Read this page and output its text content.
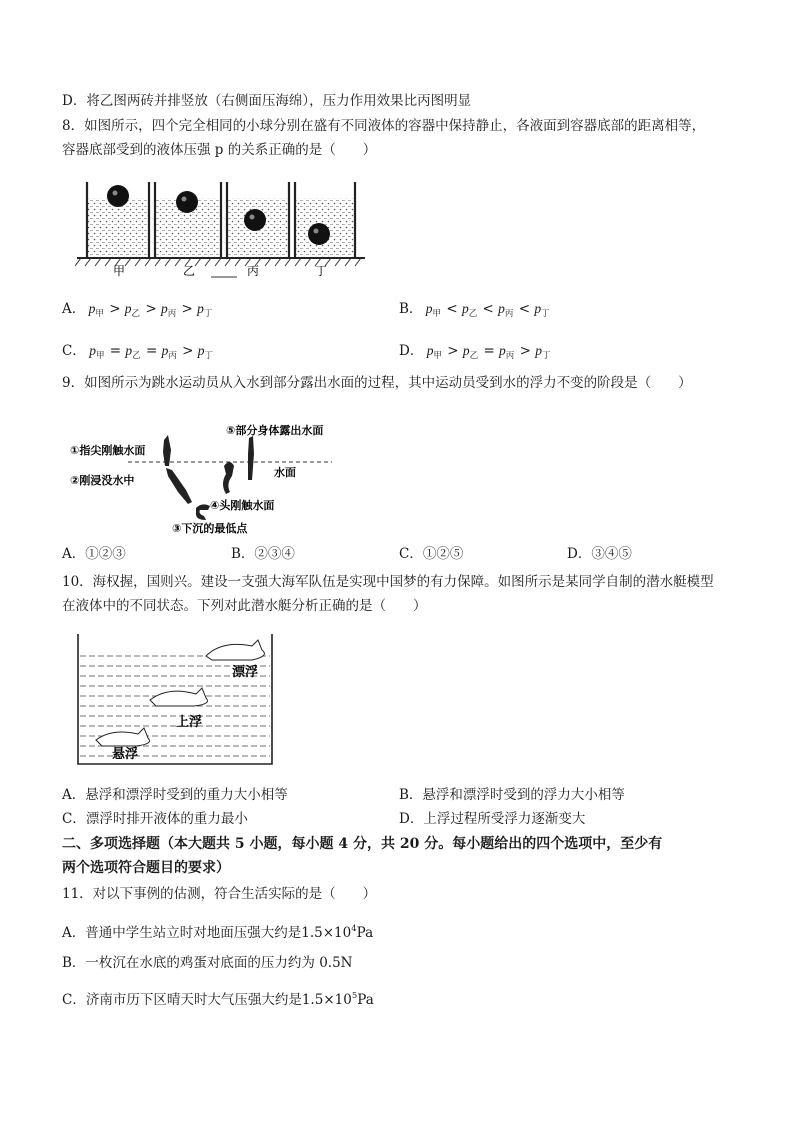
D．将乙图两砖并排竖放（右侧面压海绵），压力作用效果比丙图明显
8．如图所示，四个完全相同的小球分别在盛有不同液体的容器中保持静止，各液面到容器底部的距离相等，
容器底部受到的液体压强 p 的关系正确的是（　　）
甲	乙	丙	丁
A． $p_甲 > p_乙 > p_丙 > p_丁$	B． $p_甲 < p_乙 < p_丙 < p_丁$
C． $p_甲 = p_乙 = p_丙 > p_丁$	D． $p_甲 > p_乙 = p_丙 > p_丁$
9．如图所示为跳水运动员从入水到部分露出水面的过程，其中运动员受到水的浮力不变的阶段是（　　）
①指尖刚触水面
②刚浸没水中
③下沉的最低点
④头刚触水面
⑤部分身体露出水面
水面
A．①②③	B．②③④	C．①②⑤	D．③④⑤
10．海权握，国则兴。建设一支强大海军队伍是实现中国梦的有力保障。如图所示是某同学自制的潜水艇模型
在液体中的不同状态。下列对此潜水艇分析正确的是（　　）
漂浮
上浮
悬浮
A．悬浮和漂浮时受到的重力大小相等	B．悬浮和漂浮时受到的浮力大小相等
C．漂浮时排开液体的重力最小	D．上浮过程所受浮力逐渐变大
二、多项选择题（本大题共 5 小题，每小题 4 分，共 20 分。每小题给出的四个选项中，至少有
两个选项符合题目的要求）
11．对以下事例的估测，符合生活实际的是（　　）
A．普通中学生站立时对地面压强大约是$1.5\times 10^4Pa$
B．一枚沉在水底的鸡蛋对底面的压力约为 0.5N
C．济南市历下区晴天时大气压强大约是$1.5\times 10^5Pa$
